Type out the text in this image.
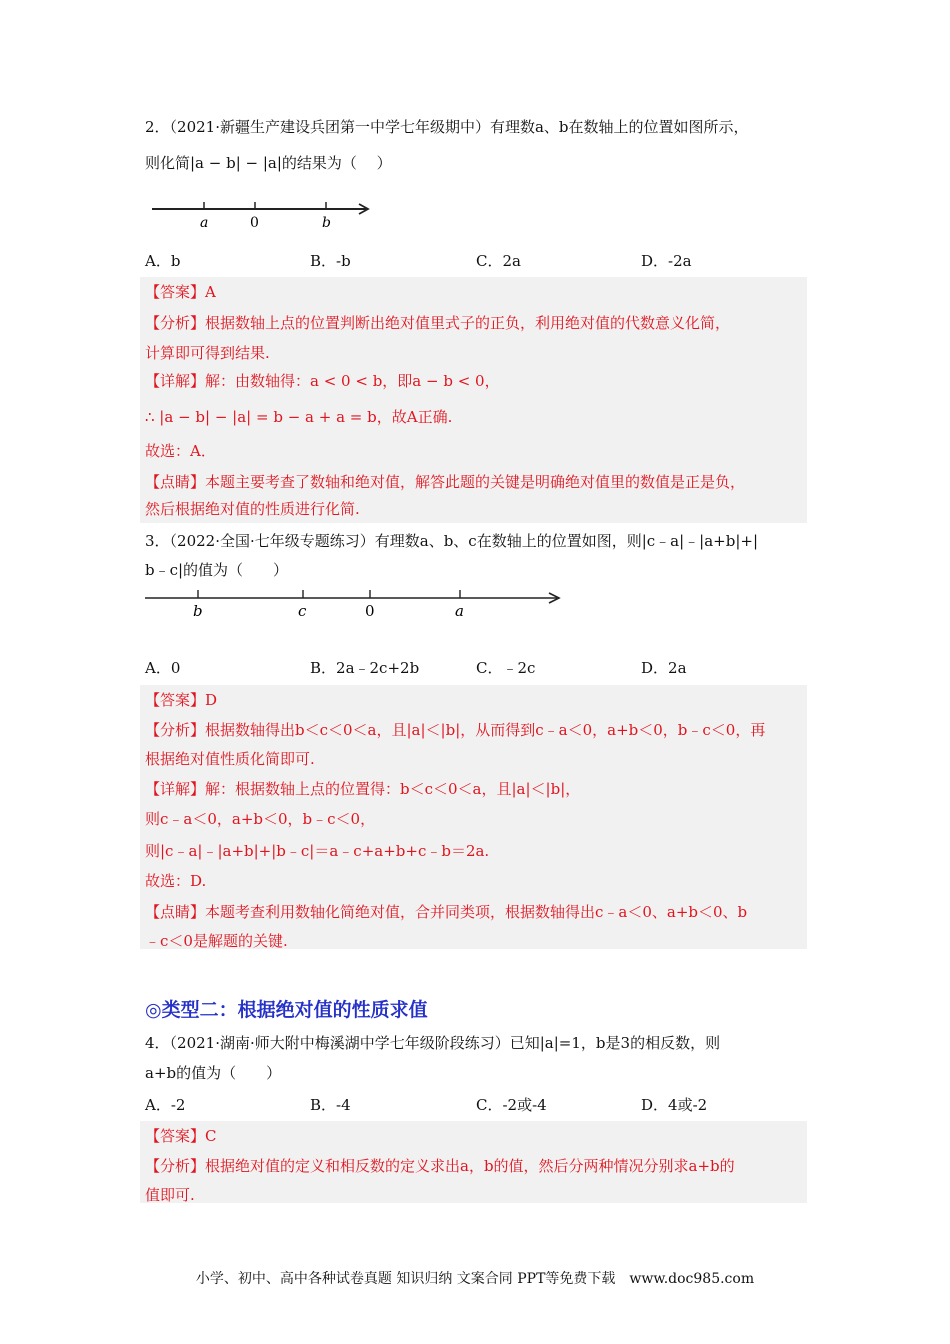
2．（2021·新疆生产建设兵团第一中学七年级期中）有理数a、b在数轴上的位置如图所示，
则化简|a − b| − |a|的结果为（　 ）
a	0	b
A．b	B．-b	C．2a	D．-2a
【答案】A
【分析】根据数轴上点的位置判断出绝对值里式子的正负，利用绝对值的代数意义化简，
计算即可得到结果.
【详解】解：由数轴得：a < 0 < b，即a − b < 0，
∴ |a − b| − |a| = b − a + a = b，故A正确.
故选：A．
【点睛】本题主要考查了数轴和绝对值，解答此题的关键是明确绝对值里的数值是正是负，
然后根据绝对值的性质进行化简.
3．（2022·全国·七年级专题练习）有理数a、b、c在数轴上的位置如图，则|c﹣a|﹣|a+b|+|
b﹣c|的值为（　　）
b	c	0	a
A．0	B．2a﹣2c+2b	C．﹣2c	D．2a
【答案】D
【分析】根据数轴得出b＜c＜0＜a，且|a|＜|b|，从而得到c﹣a＜0，a+b＜0，b﹣c＜0，再
根据绝对值性质化简即可.
【详解】解：根据数轴上点的位置得：b＜c＜0＜a，且|a|＜|b|，
则c﹣a＜0，a+b＜0，b﹣c＜0，
则|c﹣a|﹣|a+b|+|b﹣c|＝a﹣c+a+b+c﹣b＝2a.
故选：D.
【点睛】本题考查利用数轴化简绝对值，合并同类项，根据数轴得出c﹣a＜0、a+b＜0、b
﹣c＜0是解题的关键.
◎类型二：根据绝对值的性质求值
4．（2021·湖南·师大附中梅溪湖中学七年级阶段练习）已知|a|=1，b是3的相反数，则
a+b的值为（　　）
A．-2	B．-4	C．-2或-4	D．4或-2
【答案】C
【分析】根据绝对值的定义和相反数的定义求出a，b的值，然后分两种情况分别求a+b的
值即可.
小学、初中、高中各种试卷真题 知识归纳 文案合同 PPT等免费下载　www.doc985.com
